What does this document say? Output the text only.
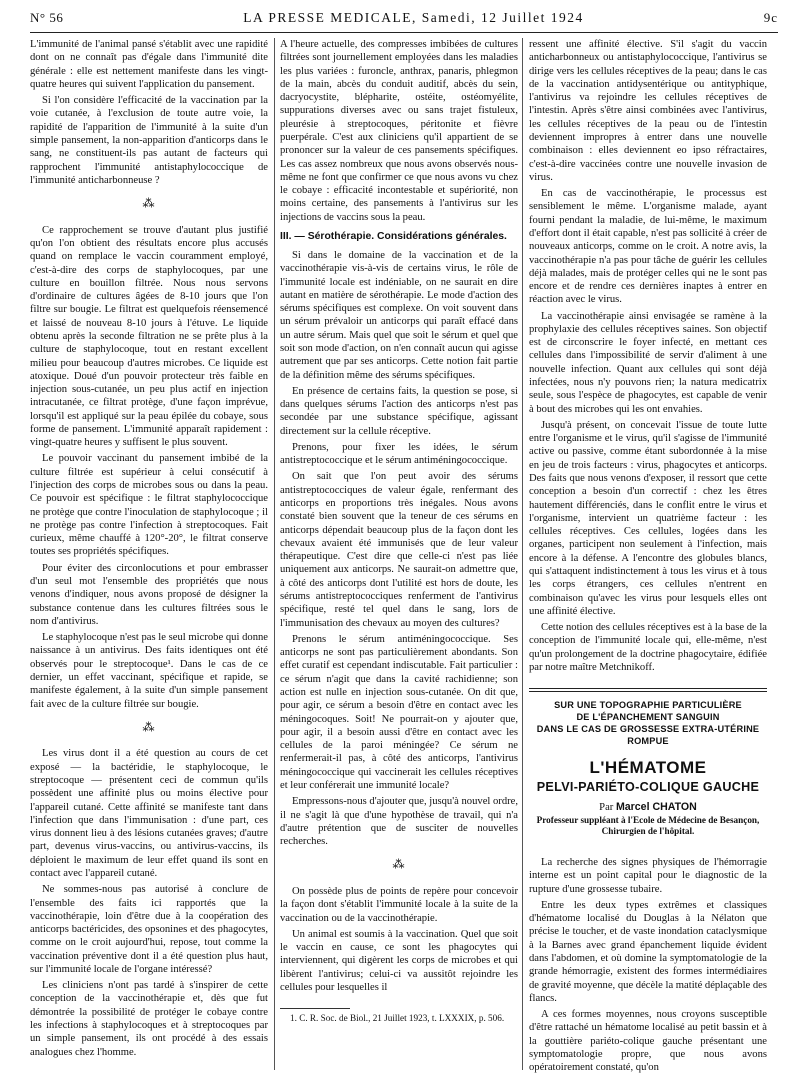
N° 56	LA PRESSE MEDICALE, Samedi, 12 Juillet 1924	9c

L'immunité de l'animal pansé s'établit avec une rapidité dont on ne connaît pas d'égale dans l'immunité dite générale : elle est nettement manifeste dans les vingt-quatre heures qui suivent l'application du pansement.

Si l'on considère l'efficacité de la vaccination par la voie cutanée, à l'exclusion de toute autre voie, la rapidité de l'apparition de l'immunité à la suite d'un simple pansement, la non-apparition d'anticorps dans le sang, ne constituent-ils pas autant de facteurs qui rapprochent l'immunité antistaphylococcique de l'immunité anticharbonneuse ?

⁂

Ce rapprochement se trouve d'autant plus justifié qu'on l'on obtient des résultats encore plus accusés quand on remplace le vaccin couramment employé, c'est-à-dire des corps de staphylocoques, par une culture en bouillon filtrée. Nous nous servons d'ordinaire de cultures âgées de 8-10 jours que l'on filtre sur bougie. Le filtrat est quelquefois réensemencé et laissé de nouveau 8-10 jours à l'étuve. Le liquide obtenu après la seconde filtration ne se prête plus à la culture de staphylocoque, tout en restant excellent milieu pour beaucoup d'autres microbes. Ce liquide est atoxique. Doué d'un pouvoir protecteur très faible en injection sous-cutanée, un peu plus actif en injection intracutanée, ce filtrat protège, d'une façon imprévue, lorsqu'il est appliqué sur la peau épilée du cobaye, sous forme de pansement. L'immunité apparaît rapidement : vingt-quatre heures y suffisent le plus souvent.

Le pouvoir vaccinant du pansement imbibé de la culture filtrée est supérieur à celui consécutif à l'injection des corps de microbes sous ou dans la peau. Ce pouvoir est spécifique : le filtrat staphylococcique ne protège que contre l'inoculation de staphylocoque ; il ne protège pas contre l'infection à streptocoques. Fait curieux, même chauffé à 120°-20°, le filtrat conserve toutes ses propriétés spécifiques.

Pour éviter des circonlocutions et pour embrasser d'un seul mot l'ensemble des propriétés que nous venons d'indiquer, nous avons proposé de désigner la substance contenue dans les cultures filtrées sous le nom d'antivirus.

Le staphylocoque n'est pas le seul microbe qui donne naissance à un antivirus. Des faits identiques ont été observés pour le streptocoque¹. Dans le cas de ce dernier, un effet vaccinant, spécifique et rapide, se manifeste également, à la suite d'un simple pansement fait avec de la culture filtrée sur bougie.

⁂

Les virus dont il a été question au cours de cet exposé — la bactéridie, le staphylocoque, le streptocoque — présentent ceci de commun qu'ils possèdent une affinité plus ou moins élective pour l'appareil cutané. Cette affinité se manifeste tant dans l'infection que dans l'immunisation : d'une part, ces virus donnent lieu à des lésions cutanées graves; d'autre part, devenus virus-vaccins, ou antivirus-vaccins, ils déploient le maximum de leur effet quand ils sont en contact avec l'appareil cutané.

Ne sommes-nous pas autorisé à conclure de l'ensemble des faits ici rapportés que la vaccinothérapie, loin d'être due à la coopération des anticorps bactéricides, des opsonines et des phagocytes, comme on le croit aujourd'hui, repose, tout comme la vaccination préventive dont il a été question plus haut, sur l'immunité locale de l'organe intéressé?

Les cliniciens n'ont pas tardé à s'inspirer de cette conception de la vaccinothérapie et, dès que fut démontrée la possibilité de protéger le cobaye contre les infections à staphylocoques et à streptocoques par un simple pansement, ils ont procédé à des essais analogues chez l'homme.

A l'heure actuelle, des compresses imbibées de cultures filtrées sont journellement employées dans les maladies les plus variées : furoncle, anthrax, panaris, phlegmon de la main, abcès du conduit auditif, abcès du sein, dacryocystite, blépharite, ostéite, ostéomyélite, suppurations diverses avec ou sans trajet fistuleux, pleurésie à streptocoques, péritonite et fièvre puerpérale. C'est aux cliniciens qu'il appartient de se prononcer sur la valeur de ces pansements spécifiques. Les cas assez nombreux que nous avons observés nous-même ne font que confirmer ce que nous avons vu chez le cobaye : efficacité incontestable et supériorité, non moins certaine, des pansements à l'antivirus sur les injections de vaccins sous la peau.

III. — Sérothérapie. Considérations générales.

Si dans le domaine de la vaccination et de la vaccinothérapie vis-à-vis de certains virus, le rôle de l'immunité locale est indéniable, on ne saurait en dire autant en matière de sérothérapie. Le mode d'action des sérums spécifiques est complexe. On voit souvent dans un sérum prévaloir un anticorps qui paraît effacé dans un autre sérum. Mais quel que soit le sérum et quel que soit son mode d'action, on n'en connaît aucun qui agisse autrement que par ses anticorps. Cette notion fait partie de la définition même des sérums spécifiques.

En présence de certains faits, la question se pose, si dans quelques sérums l'action des anticorps n'est pas secondée par une substance spécifique, agissant directement sur la cellule réceptive.

Prenons, pour fixer les idées, le sérum antistreptococcique et le sérum antiméningococcique.

On sait que l'on peut avoir des sérums antistreptococciques de valeur égale, renfermant des anticorps en proportions très inégales. Nous avons constaté bien souvent que la teneur de ces sérums en anticorps dépendait beaucoup plus de la façon dont les chevaux avaient été immunisés que de leur valeur thérapeutique. C'est dire que celle-ci n'est pas liée uniquement aux anticorps. Ne saurait-on admettre que, à côté des anticorps dont l'utilité est hors de doute, les sérums antistreptococciques renferment de l'antivirus spécifique, resté tel quel dans le sang, lors de l'immunisation des chevaux au moyen des cultures?

Prenons le sérum antiméningococcique. Ses anticorps ne sont pas particulièrement abondants. Son effet curatif est cependant indiscutable. Fait particulier : ce sérum n'agit que dans la cavité rachidienne; son action est nulle en injection sous-cutanée. On dit que, pour agir, ce sérum a besoin d'être en contact avec les méningocoques. Soit! Ne pourrait-on y ajouter que, pour agir, il a besoin aussi d'être en contact avec les cellules de la paroi méningée? Ce sérum ne renfermerait-il pas, à côté des anticorps, l'antivirus méningococcique qui vaccinerait les cellules réceptives et leur conférerait une immunité locale?

Empressons-nous d'ajouter que, jusqu'à nouvel ordre, il ne s'agit là que d'une hypothèse de travail, qui n'a d'autre prétention que de susciter de nouvelles recherches.

⁂

On possède plus de points de repère pour concevoir la façon dont s'établit l'immunité locale à la suite de la vaccination ou de la vaccinothérapie.

Un animal est soumis à la vaccination. Quel que soit le vaccin en cause, ce sont les phagocytes qui interviennent, qui digèrent les corps de microbes et qui libèrent l'antivirus; celui-ci va aussitôt rejoindre les cellules pour lesquelles il

1. C. R. Soc. de Biol., 21 Juillet 1923, t. LXXXIX, p. 506.

ressent une affinité élective. S'il s'agit du vaccin anticharbonneux ou antistaphylococcique, l'antivirus se dirige vers les cellules réceptives de la peau; dans le cas de la vaccination antidysentérique ou antityphique, l'antivirus va rejoindre les cellules réceptives de l'intestin. Après s'être ainsi combinées avec l'antivirus, les cellules réceptives de la peau ou de l'intestin deviennent impropres à entrer dans une nouvelle combinaison : elles deviennent eo ipso réfractaires, c'est-à-dire vaccinées contre une nouvelle invasion de virus.

En cas de vaccinothérapie, le processus est sensiblement le même. L'organisme malade, ayant fourni pendant la maladie, de lui-même, le maximum d'effort dont il était capable, n'est pas sollicité à créer de nouveaux anticorps, comme on le croit. A notre avis, la vaccinothérapie n'a pas pour tâche de guérir les cellules déjà malades, mais de protéger celles qui ne le sont pas encore et de rendre ces dernières inaptes à entrer en réaction avec le virus.

La vaccinothérapie ainsi envisagée se ramène à la prophylaxie des cellules réceptives saines. Son objectif est de circonscrire le foyer infecté, en mettant ces cellules dans l'impossibilité de servir d'aliment à une nouvelle infection. Quant aux cellules qui sont déjà infectées, nous n'y pouvons rien; la natura medicatrix seule, sous l'espèce de phagocytes, est capable de venir à bout des microbes qui les ont envahies.

Jusqu'à présent, on concevait l'issue de toute lutte entre l'organisme et le virus, qu'il s'agisse de l'immunité active ou passive, comme étant subordonnée à la mise en jeu de trois facteurs : virus, phagocytes et anticorps. Des faits que nous venons d'exposer, il ressort que cette conception a besoin d'un correctif : chez les êtres hautement différenciés, dans le conflit entre le virus et l'organisme, intervient un quatrième facteur : les cellules réceptives. Ces cellules, logées dans les organes, participent non seulement à l'infection, mais encore à la défense. A l'encontre des globules blancs, qui s'attaquent indistinctement à tous les virus et à tous les corps étrangers, ces cellules n'entrent en combinaison qu'avec les virus pour lesquels elles ont une affinité élective.

Cette notion des cellules réceptives est à la base de la conception de l'immunité locale qui, elle-même, n'est qu'un prolongement de la doctrine phagocytaire, édifiée par notre maître Metchnikoff.

SUR UNE TOPOGRAPHIE PARTICULIÈRE
DE L'ÉPANCHEMENT SANGUIN
DANS LE CAS DE GROSSESSE EXTRA-UTÉRINE ROMPUE
L'HÉMATOME
PELVI-PARIÉTO-COLIQUE GAUCHE
Par Marcel CHATON
Professeur suppléant à l'Ecole de Médecine de Besançon,
Chirurgien de l'hôpital.

La recherche des signes physiques de l'hémorragie interne est un point capital pour le diagnostic de la rupture d'une grossesse tubaire.

Entre les deux types extrêmes et classiques d'hématome localisé du Douglas à la Nélaton que précise le toucher, et de vaste inondation cataclysmique à la Barnes avec grand épanchement liquide évident dans l'abdomen, et où domine la symptomatologie de la grande hémorragie, existent des formes intermédiaires de gravité moyenne, que décèle la matité déplaçable des flancs.

A ces formes moyennes, nous croyons susceptible d'être rattaché un hématome localisé au petit bassin et à la gouttière pariéto-colique gauche présentant une symptomatologie propre, que nous avons opératoirement constaté, qu'on
